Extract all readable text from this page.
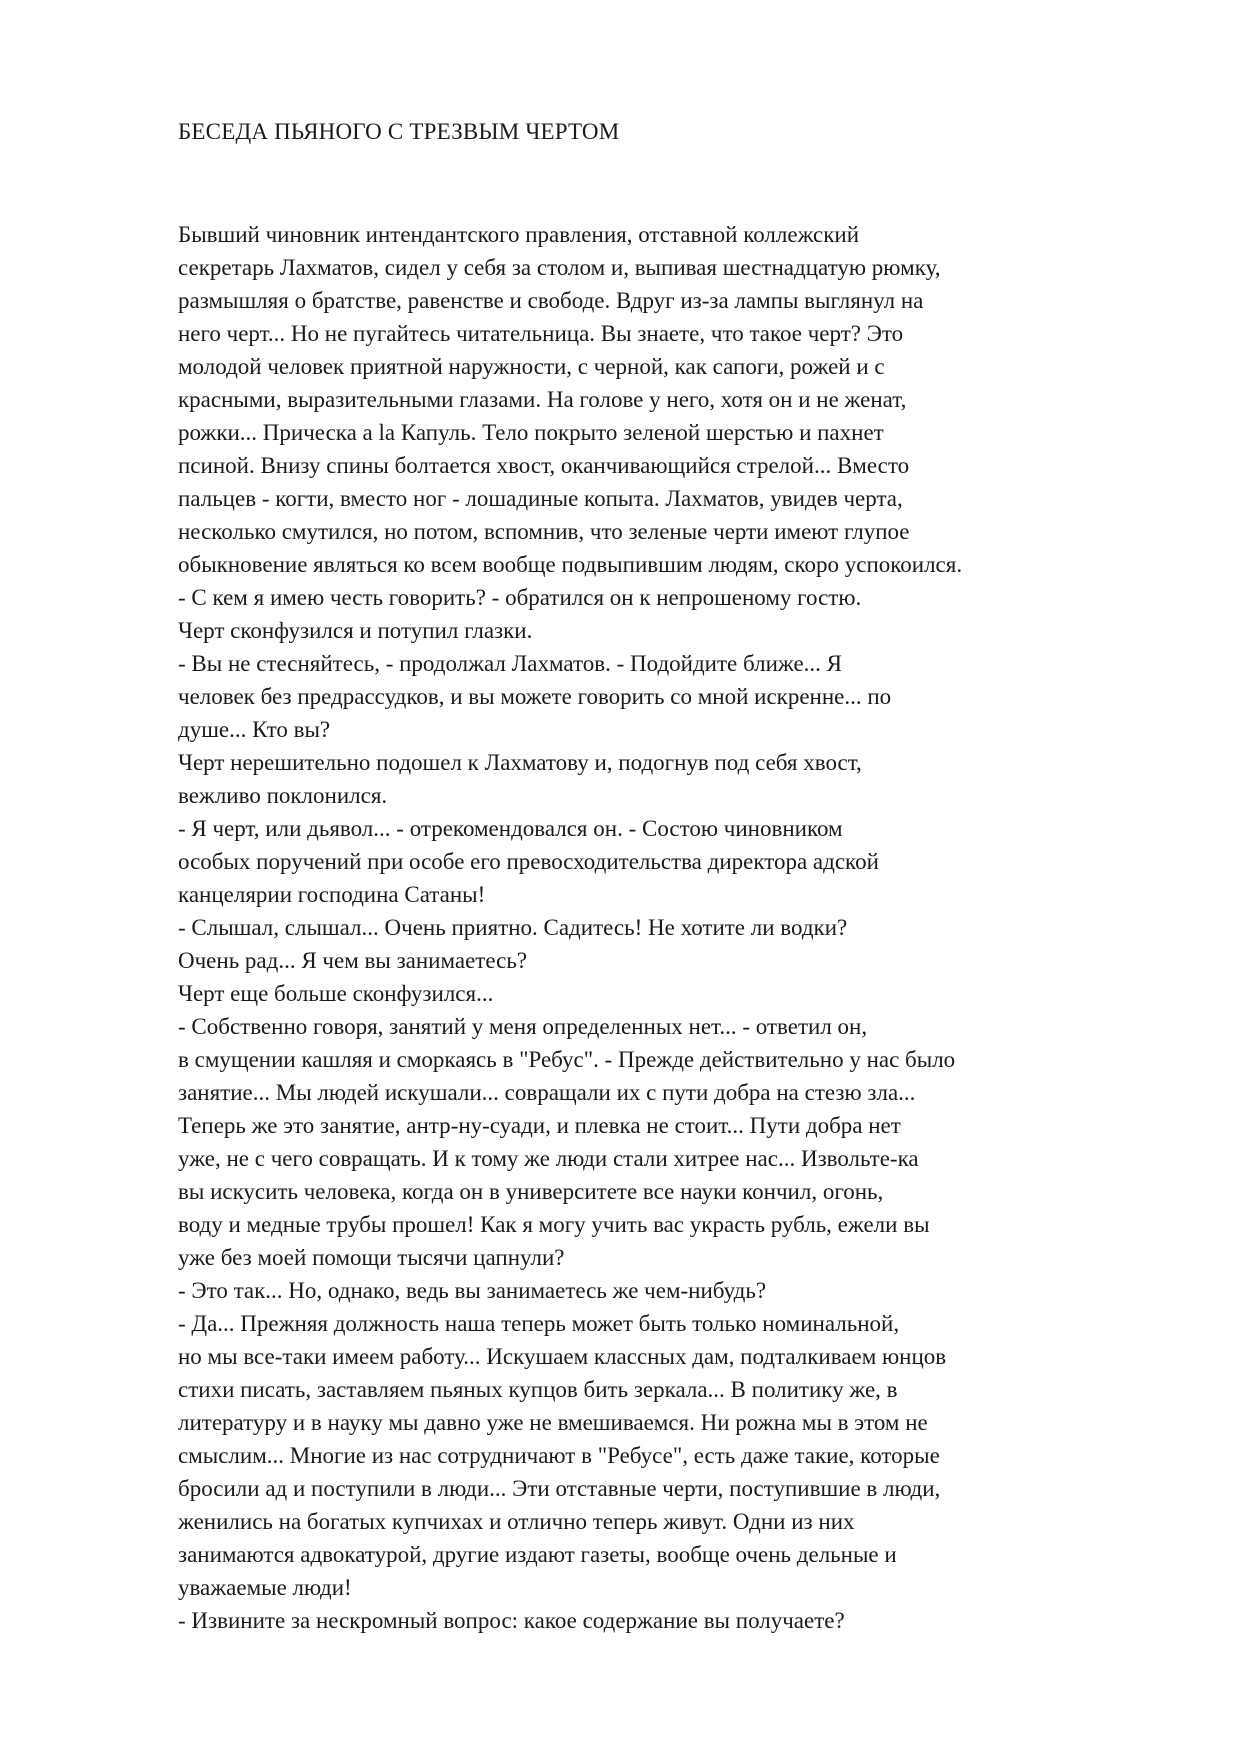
БЕСЕДА ПЬЯНОГО С ТРЕЗВЫМ ЧЕРТОМ
Бывший чиновник интендантского правления, отставной коллежский
секретарь Лахматов, сидел у себя за столом и, выпивая шестнадцатую рюмку,
размышляя о братстве, равенстве и свободе. Вдруг из-за лампы выглянул на
него черт... Но не пугайтесь читательница. Вы знаете, что такое черт? Это
молодой человек приятной наружности, с черной, как сапоги, рожей и с
красными, выразительными глазами. На голове у него, хотя он и не женат,
рожки... Прическа a la Капуль. Тело покрыто зеленой шерстью и пахнет
псиной. Внизу спины болтается хвост, оканчивающийся стрелой... Вместо
пальцев - когти, вместо ног - лошадиные копыта. Лахматов, увидев черта,
несколько смутился, но потом, вспомнив, что зеленые черти имеют глупое
обыкновение являться ко всем вообще подвыпившим людям, скоро успокоился.
- С кем я имею честь говорить? - обратился он к непрошеному гостю.
Черт сконфузился и потупил глазки.
- Вы не стесняйтесь, - продолжал Лахматов. - Подойдите ближе... Я
человек без предрассудков, и вы можете говорить со мной искренне... по
душе... Кто вы?
Черт нерешительно подошел к Лахматову и, подогнув под себя хвост,
вежливо поклонился.
- Я черт, или дьявол... - отрекомендовался он. - Состою чиновником
особых поручений при особе его превосходительства директора адской
канцелярии господина Сатаны!
- Слышал, слышал... Очень приятно. Садитесь! Не хотите ли водки?
Очень рад... Я чем вы занимаетесь?
Черт еще больше сконфузился...
- Собственно говоря, занятий у меня определенных нет... - ответил он,
в смущении кашляя и сморкаясь в "Ребус". - Прежде действительно у нас было
занятие... Мы людей искушали... совращали их с пути добра на стезю зла...
Теперь же это занятие, антр-ну-суади, и плевка не стоит... Пути добра нет
уже, не с чего совращать. И к тому же люди стали хитрее нас... Извольте-ка
вы искусить человека, когда он в университете все науки кончил, огонь,
воду и медные трубы прошел! Как я могу учить вас украсть рубль, ежели вы
уже без моей помощи тысячи цапнули?
- Это так... Но, однако, ведь вы занимаетесь же чем-нибудь?
- Да... Прежняя должность наша теперь может быть только номинальной,
но мы все-таки имеем работу... Искушаем классных дам, подталкиваем юнцов
стихи писать, заставляем пьяных купцов бить зеркала... В политику же, в
литературу и в науку мы давно уже не вмешиваемся. Ни рожна мы в этом не
смыслим... Многие из нас сотрудничают в "Ребусе", есть даже такие, которые
бросили ад и поступили в люди... Эти отставные черти, поступившие в люди,
женились на богатых купчихах и отлично теперь живут. Одни из них
занимаются адвокатурой, другие издают газеты, вообще очень дельные и
уважаемые люди!
- Извините за нескромный вопрос: какое содержание вы получаете?
